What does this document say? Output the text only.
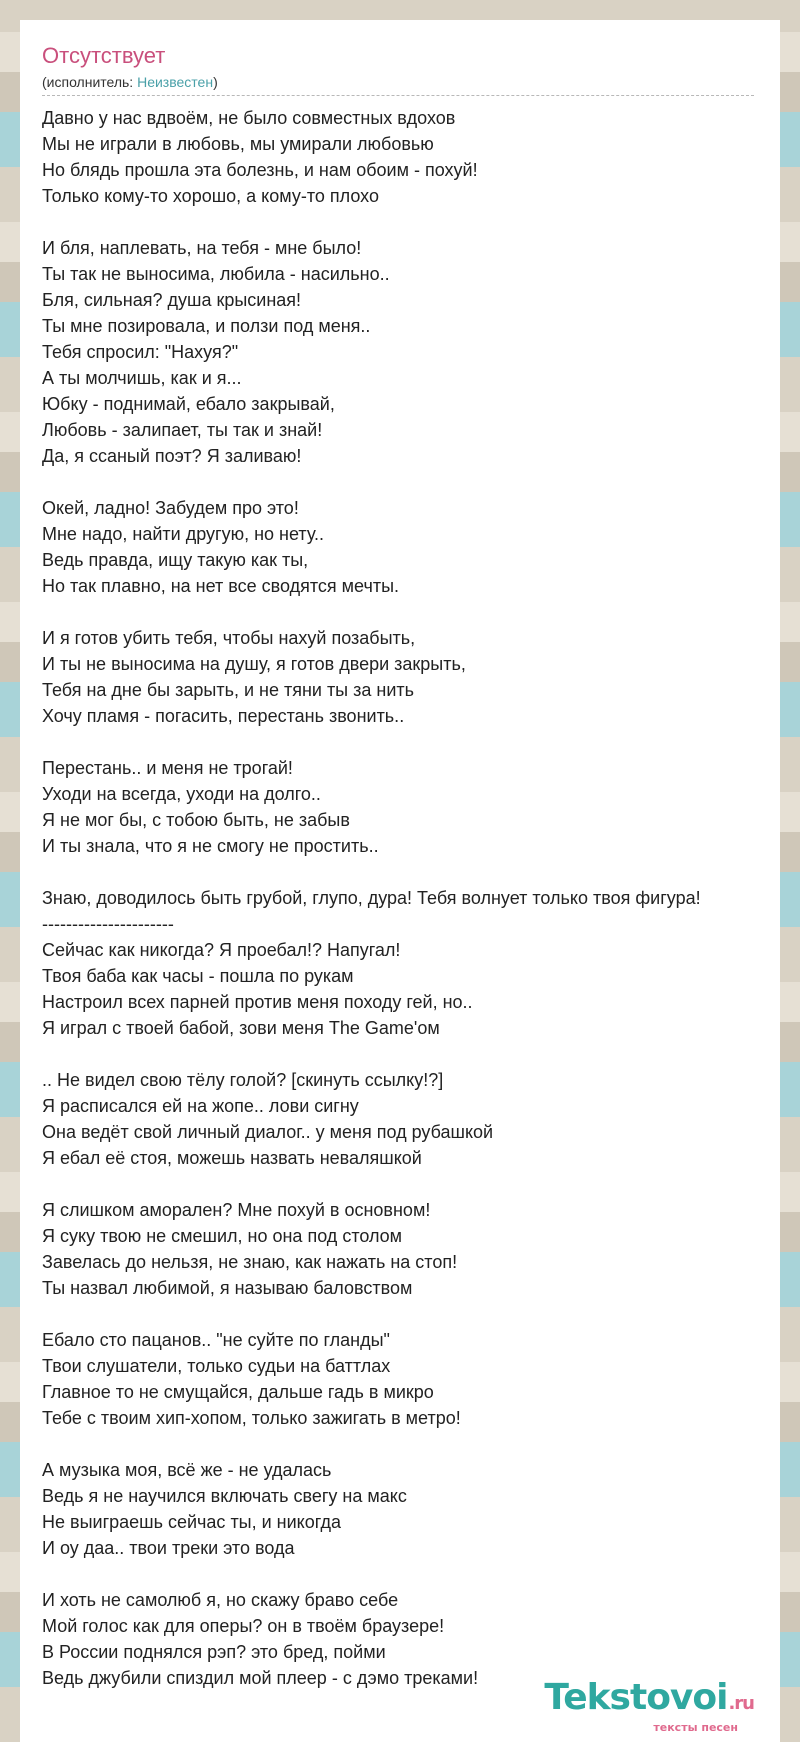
Отсутствует
(исполнитель: Неизвестен)
Давно у нас вдвоём, не было совместных вдохов
Мы не играли в любовь, мы умирали любовью
Но блядь прошла эта болезнь, и нам обоим - похуй!
Только кому-то хорошо, а кому-то плохо
И бля, наплевать, на тебя - мне было!
Ты так не выносима, любила - насильно..
Бля, сильная? душа крысиная!
Ты мне позировала, и ползи под меня..
Тебя спросил: "Нахуя?"
А ты молчишь, как и я...
Юбку - поднимай, ебало закрывай,
Любовь - залипает, ты так и знай!
Да, я ссаный поэт? Я заливаю!
Окей, ладно! Забудем про это!
Мне надо, найти другую, но нету..
Ведь правда, ищу такую как ты,
Но так плавно, на нет все сводятся мечты.
И я готов убить тебя, чтобы нахуй позабыть,
И ты не выносима на душу, я готов двери закрыть,
Тебя на дне бы зарыть, и не тяни ты за нить
Хочу пламя - погасить, перестань звонить..
Перестань.. и меня не трогай!
Уходи на всегда, уходи на долго..
Я не мог бы, с тобою быть, не забыв
И ты знала, что я не смогу не простить..
Знаю, доводилось быть грубой, глупо, дура! Тебя волнует только твоя фигура!
----------------------
Сейчас как никогда? Я проебал!? Напугал!
Твоя баба как часы - пошла по рукам
Настроил всех парней против меня походу гей, но..
Я играл с твоей бабой, зови меня The Game'ом
.. Не видел свою тёлу голой? [скинуть ссылку!?]
Я расписался ей на жопе.. лови сигну
Она ведёт свой личный диалог.. у меня под рубашкой
Я ебал её стоя, можешь назвать неваляшкой
Я слишком аморален? Мне похуй в основном!
Я суку твою не смешил, но она под столом
Завелась до нельзя, не знаю, как нажать на стоп!
Ты назвал любимой, я называю баловством
Ебало сто пацанов.. "не суйте по гланды"
Твои слушатели, только судьи на баттлах
Главное то не смущайся, дальше гадь в микро
Тебе с твоим хип-хопом, только зажигать в метро!
А музыка моя, всё же - не удалась
Ведь я не научился включать свегу на макс
Не выиграешь сейчас ты, и никогда
И оу даа.. твои треки это вода
И хоть не самолюб я, но скажу браво себе
Мой голос как для оперы? он в твоём браузере!
В России поднялся рэп? это бред, пойми
Ведь джубили спиздил мой плеер - с дэмо треками!	Tekstovoi.ru
тексты песен
